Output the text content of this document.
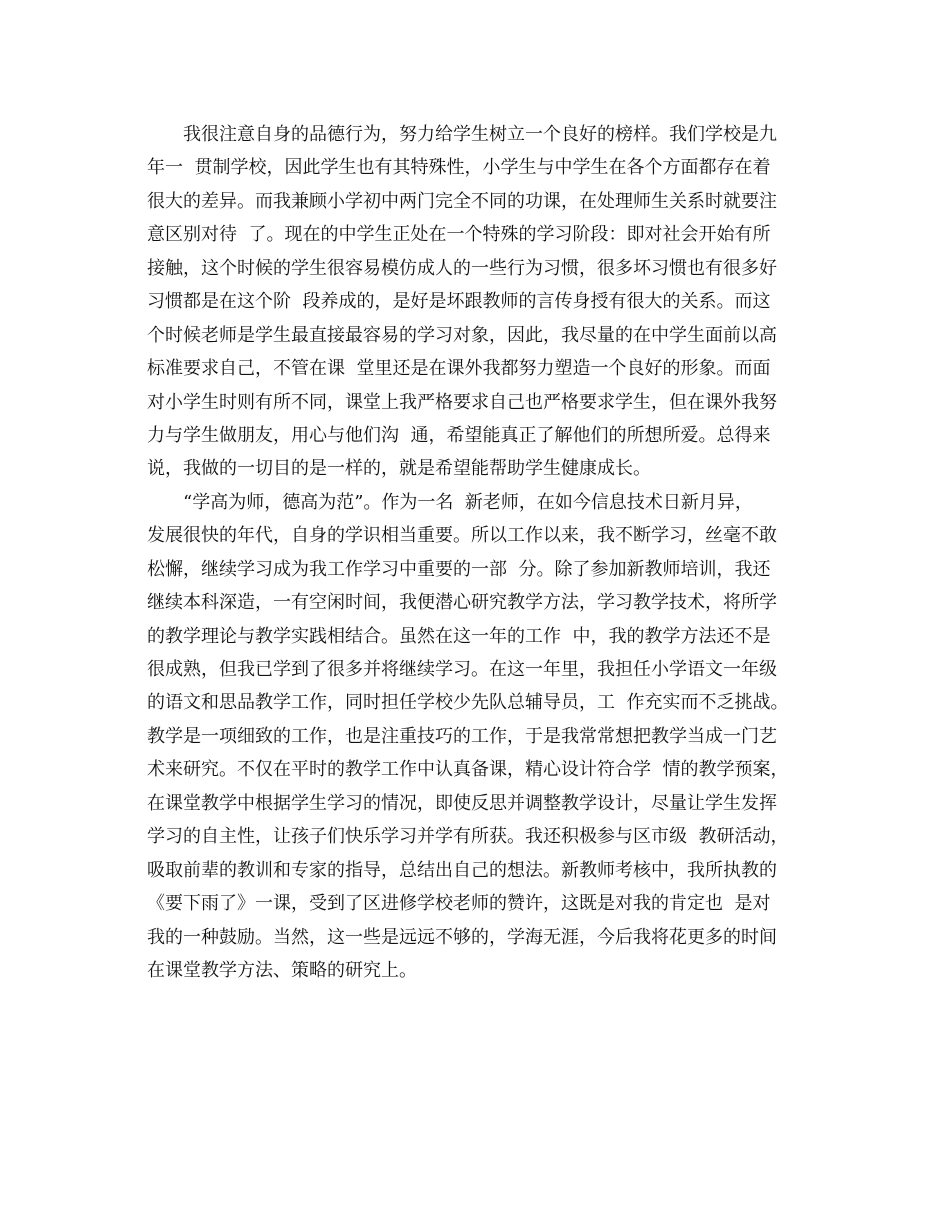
我很注意自身的品德行为，努力给学生树立一个良好的榜样。我们学校是九
年一  贯制学校，因此学生也有其特殊性，小学生与中学生在各个方面都存在着
很大的差异。而我兼顾小学初中两门完全不同的功课，在处理师生关系时就要注
意区别对待  了。现在的中学生正处在一个特殊的学习阶段：即对社会开始有所
接触，这个时候的学生很容易模仿成人的一些行为习惯，很多坏习惯也有很多好
习惯都是在这个阶  段养成的，是好是坏跟教师的言传身授有很大的关系。而这
个时候老师是学生最直接最容易的学习对象，因此，我尽量的在中学生面前以高
标准要求自己，不管在课  堂里还是在课外我都努力塑造一个良好的形象。而面
对小学生时则有所不同，课堂上我严格要求自己也严格要求学生，但在课外我努
力与学生做朋友，用心与他们沟  通，希望能真正了解他们的所想所爱。总得来
说，我做的一切目的是一样的，就是希望能帮助学生健康成长。
“学高为师，德高为范”。作为一名  新老师，在如今信息技术日新月异，
发展很快的年代，自身的学识相当重要。所以工作以来，我不断学习，丝毫不敢
松懈，继续学习成为我工作学习中重要的一部  分。除了参加新教师培训，我还
继续本科深造，一有空闲时间，我便潜心研究教学方法，学习教学技术，将所学
的教学理论与教学实践相结合。虽然在这一年的工作  中，我的教学方法还不是
很成熟，但我已学到了很多并将继续学习。在这一年里，我担任小学语文一年级
的语文和思品教学工作，同时担任学校少先队总辅导员，工  作充实而不乏挑战。
教学是一项细致的工作，也是注重技巧的工作，于是我常常想把教学当成一门艺
术来研究。不仅在平时的教学工作中认真备课，精心设计符合学  情的教学预案，
在课堂教学中根据学生学习的情况，即使反思并调整教学设计，尽量让学生发挥
学习的自主性，让孩子们快乐学习并学有所获。我还积极参与区市级  教研活动，
吸取前辈的教训和专家的指导，总结出自己的想法。新教师考核中，我所执教的
《要下雨了》一课，受到了区进修学校老师的赞许，这既是对我的肯定也  是对
我的一种鼓励。当然，这一些是远远不够的，学海无涯，今后我将花更多的时间
在课堂教学方法、策略的研究上。
